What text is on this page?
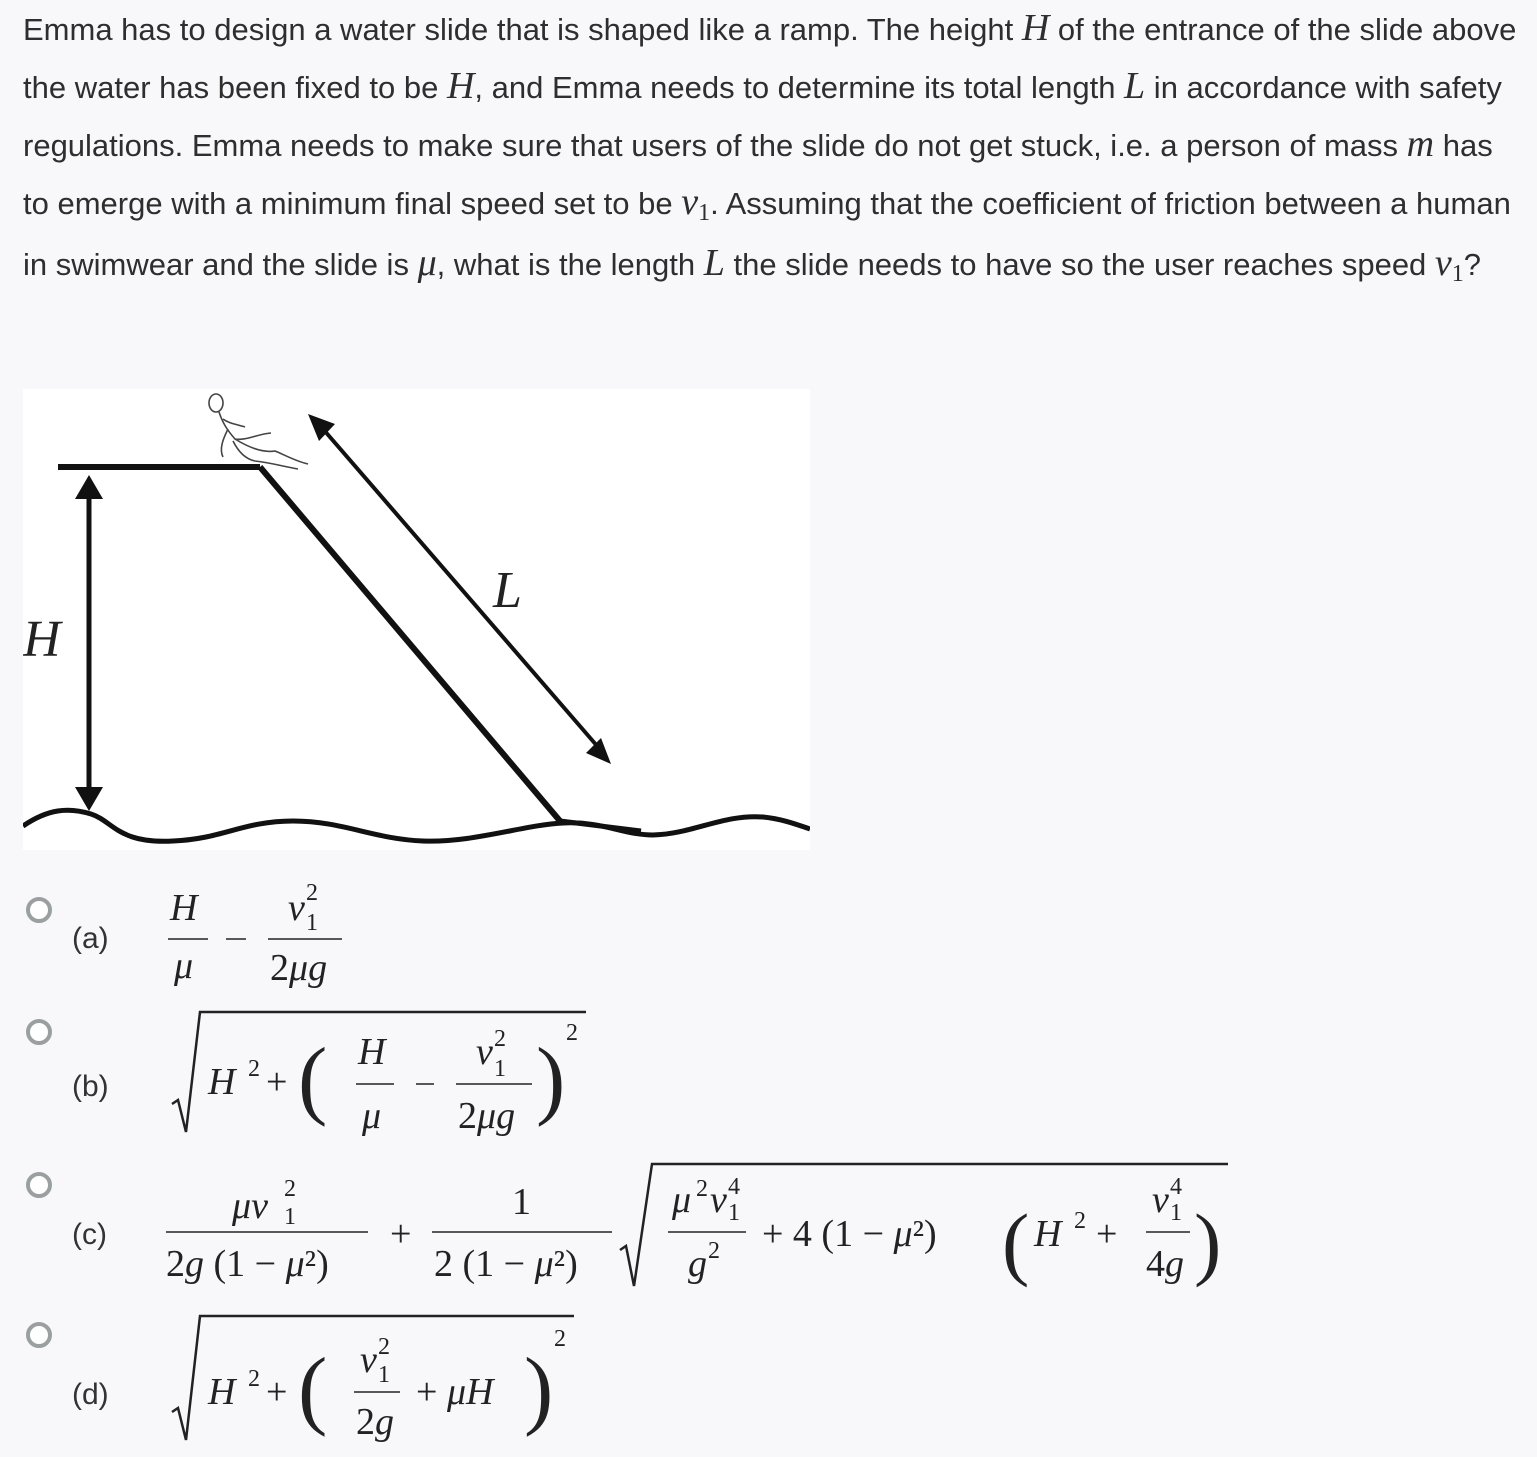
Emma has to design a water slide that is shaped like a ramp. The height H of the entrance of the slide above the water has been fixed to be H, and Emma needs to determine its total length L in accordance with safety regulations. Emma needs to make sure that users of the slide do not get stuck, i.e. a person of mass m has to emerge with a minimum final speed set to be v1. Assuming that the coefficient of friction between a human in swimwear and the slide is μ, what is the length L the slide needs to have so the user reaches speed v1?
H
L
(a)
H
μ
v 2
1
2μg
(b)	H 2 + ( H
μ
v 2
1
2μg ) 2
(c)
μv 2
1
2g (1 − μ²)
+
1
2 (1 − μ²)
μ 2 v 4
1
g 2 + 4 (1 − μ²) ( H 2 +
v 4
1
4g )
(d)	H 2 + ( v 2
1
2g
+ μH )
2
